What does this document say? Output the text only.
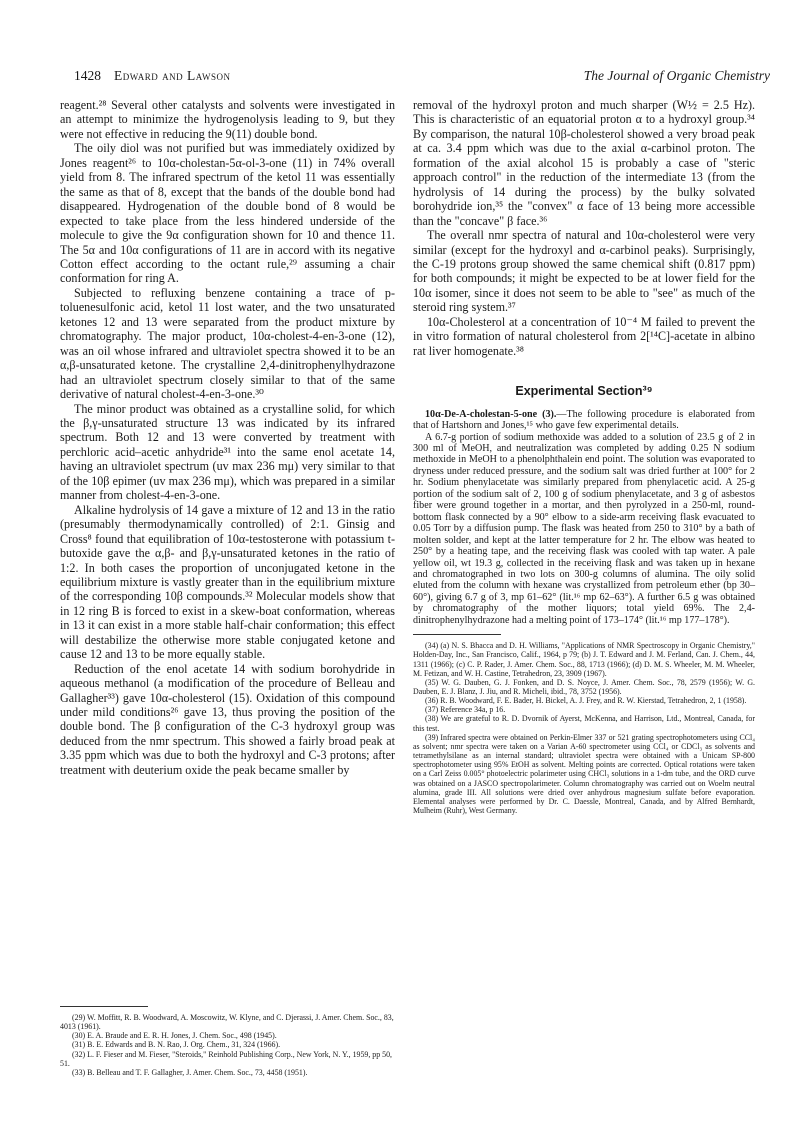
1428 Edward and Lawson	The Journal of Organic Chemistry

reagent.²⁸ Several other catalysts and solvents were investigated in an attempt to minimize the hydrogenolysis leading to 9, but they were not effective in reducing the 9(11) double bond.

The oily diol was not purified but was immediately oxidized by Jones reagent²⁶ to 10α-cholestan-5α-ol-3-one (11) in 74% overall yield from 8. The infrared spectrum of the ketol 11 was essentially the same as that of 8, except that the bands of the double bond had disappeared. Hydrogenation of the double bond of 8 would be expected to take place from the less hindered underside of the molecule to give the 9α configuration shown for 10 and thence 11. The 5α and 10α configurations of 11 are in accord with its negative Cotton effect according to the octant rule,²⁹ assuming a chair conformation for ring A.

Subjected to refluxing benzene containing a trace of p-toluenesulfonic acid, ketol 11 lost water, and the two unsaturated ketones 12 and 13 were separated from the product mixture by chromatography. The major product, 10α-cholest-4-en-3-one (12), was an oil whose infrared and ultraviolet spectra showed it to be an α,β-unsaturated ketone. The crystalline 2,4-dinitrophenylhydrazone had an ultraviolet spectrum closely similar to that of the same derivative of natural cholest-4-en-3-one.³⁰

The minor product was obtained as a crystalline solid, for which the β,γ-unsaturated structure 13 was indicated by its infrared spectrum. Both 12 and 13 were converted by treatment with perchloric acid–acetic anhydride³¹ into the same enol acetate 14, having an ultraviolet spectrum (uv max 236 mμ) very similar to that of the 10β epimer (uv max 236 mμ), which was prepared in a similar manner from cholest-4-en-3-one.

Alkaline hydrolysis of 14 gave a mixture of 12 and 13 in the ratio (presumably thermodynamically controlled) of 2:1. Ginsig and Cross⁸ found that equilibration of 10α-testosterone with potassium t-butoxide gave the α,β- and β,γ-unsaturated ketones in the ratio of 1:2. In both cases the proportion of unconjugated ketone in the equilibrium mixture is vastly greater than in the equilibrium mixture of the corresponding 10β compounds.³² Molecular models show that in 12 ring B is forced to exist in a skew-boat conformation, whereas in 13 it can exist in a more stable half-chair conformation; this effect will destabilize the otherwise more stable conjugated ketone and cause 12 and 13 to be more equally stable.

Reduction of the enol acetate 14 with sodium borohydride in aqueous methanol (a modification of the procedure of Belleau and Gallagher³³) gave 10α-cholesterol (15). Oxidation of this compound under mild conditions²⁶ gave 13, thus proving the position of the double bond. The β configuration of the C-3 hydroxyl group was deduced from the nmr spectrum. This showed a fairly broad peak at 3.35 ppm which was due to both the hydroxyl and C-3 protons; after treatment with deuterium oxide the peak became smaller by

(29) W. Moffitt, R. B. Woodward, A. Moscowitz, W. Klyne, and C. Djerassi, J. Amer. Chem. Soc., 83, 4013 (1961).

(30) E. A. Braude and E. R. H. Jones, J. Chem. Soc., 498 (1945).

(31) B. E. Edwards and B. N. Rao, J. Org. Chem., 31, 324 (1966).

(32) L. F. Fieser and M. Fieser, "Steroids," Reinhold Publishing Corp., New York, N. Y., 1959, pp 50, 51.

(33) B. Belleau and T. F. Gallagher, J. Amer. Chem. Soc., 73, 4458 (1951).

removal of the hydroxyl proton and much sharper (W½ = 2.5 Hz). This is characteristic of an equatorial proton α to a hydroxyl group.³⁴ By comparison, the natural 10β-cholesterol showed a very broad peak at ca. 3.4 ppm which was due to the axial α-carbinol proton. The formation of the axial alcohol 15 is probably a case of "steric approach control" in the reduction of the intermediate 13 (from the hydrolysis of 14 during the process) by the bulky solvated borohydride ion,³⁵ the "convex" α face of 13 being more accessible than the "concave" β face.³⁶

The overall nmr spectra of natural and 10α-cholesterol were very similar (except for the hydroxyl and α-carbinol peaks). Surprisingly, the C-19 protons group showed the same chemical shift (0.817 ppm) for both compounds; it might be expected to be at lower field for the 10α isomer, since it does not seem to be able to "see" as much of the steroid ring system.³⁷

10α-Cholesterol at a concentration of 10⁻⁴ M failed to prevent the in vitro formation of natural cholesterol from 2[¹⁴C]-acetate in albino rat liver homogenate.³⁸

Experimental Section³⁹

10α-De-A-cholestan-5-one (3).—The following procedure is elaborated from that of Hartshorn and Jones,¹⁵ who gave few experimental details.

A 6.7-g portion of sodium methoxide was added to a solution of 23.5 g of 2 in 300 ml of MeOH, and neutralization was completed by adding 0.25 N sodium methoxide in MeOH to a phenolphthalein end point. The solution was evaporated to dryness under reduced pressure, and the sodium salt was dried further at 100° for 2 hr. Sodium phenylacetate was similarly prepared from phenylacetic acid. A 25-g portion of the sodium salt of 2, 100 g of sodium phenylacetate, and 3 g of asbestos fiber were ground together in a mortar, and then pyrolyzed in a 250-ml, round-bottom flask connected by a 90° elbow to a side-arm receiving flask evacuated to 0.05 Torr by a diffusion pump. The flask was heated from 250 to 310° by a bath of molten solder, and kept at the latter temperature for 2 hr. The elbow was heated to 250° by a heating tape, and the receiving flask was cooled with tap water. A pale yellow oil, wt 19.3 g, collected in the receiving flask and was taken up in hexane and chromatographed in two lots on 300-g columns of alumina. The oily solid eluted from the column with hexane was crystallized from petroleum ether (bp 30–60°), giving 6.7 g of 3, mp 61–62° (lit.¹⁶ mp 62–63°). A further 6.5 g was obtained by chromatography of the mother liquors; total yield 69%. The 2,4-dinitrophenylhydrazone had a melting point of 173–174° (lit.¹⁶ mp 177–178°).

(34) (a) N. S. Bhacca and D. H. Williams, "Applications of NMR Spectroscopy in Organic Chemistry," Holden-Day, Inc., San Francisco, Calif., 1964, p 79; (b) J. T. Edward and J. M. Ferland, Can. J. Chem., 44, 1311 (1966); (c) C. P. Rader, J. Amer. Chem. Soc., 88, 1713 (1966); (d) D. M. S. Wheeler, M. M. Wheeler, M. Fetizan, and W. H. Castine, Tetrahedron, 23, 3909 (1967).

(35) W. G. Dauben, G. J. Fonken, and D. S. Noyce, J. Amer. Chem. Soc., 78, 2579 (1956); W. G. Dauben, E. J. Blanz, J. Jiu, and R. Micheli, ibid., 78, 3752 (1956).

(36) R. B. Woodward, F. E. Bader, H. Bickel, A. J. Frey, and R. W. Kierstad, Tetrahedron, 2, 1 (1958).

(37) Reference 34a, p 16.

(38) We are grateful to R. D. Dvornik of Ayerst, McKenna, and Harrison, Ltd., Montreal, Canada, for this test.

(39) Infrared spectra were obtained on Perkin-Elmer 337 or 521 grating spectrophotometers using CCl₄ as solvent; nmr spectra were taken on a Varian A-60 spectrometer using CCl₄ or CDCl₃ as solvents and tetramethylsilane as an internal standard; ultraviolet spectra were obtained with a Unicam SP-800 spectrophotometer using 95% EtOH as solvent. Melting points are corrected. Optical rotations were taken on a Carl Zeiss 0.005° photoelectric polarimeter using CHCl₃ solutions in a 1-dm tube, and the ORD curve was obtained on a JASCO spectropolarimeter. Column chromatography was carried out on Woelm neutral alumina, grade III. All solutions were dried over anhydrous magnesium sulfate before evaporation. Elemental analyses were performed by Dr. C. Daessle, Montreal, Canada, and by Alfred Bernhardt, Mulheim (Ruhr), West Germany.
